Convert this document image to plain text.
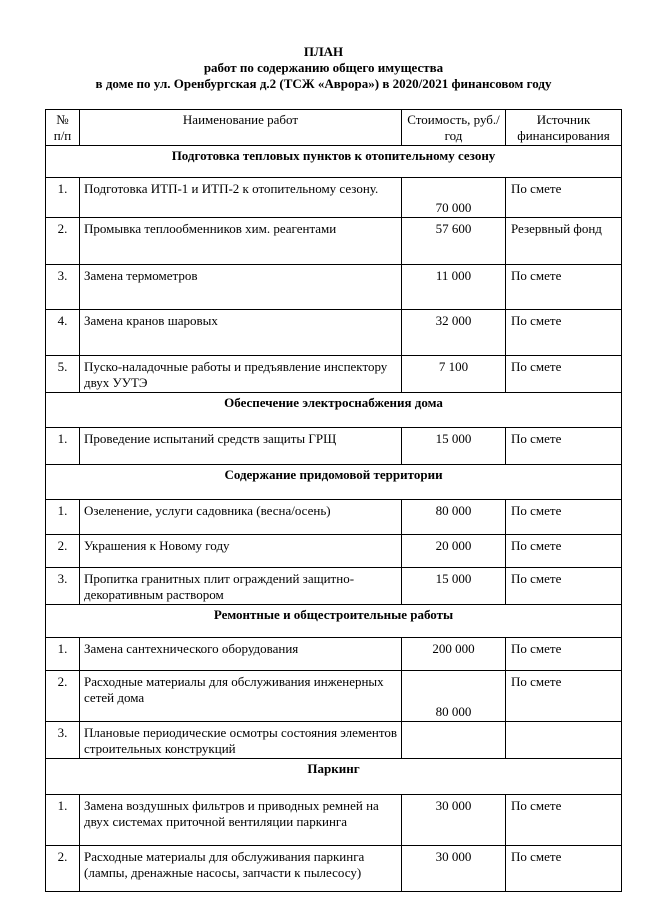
ПЛАН
работ по содержанию общего имущества
в доме по ул. Оренбургская д.2 (ТСЖ «Аврора») в 2020/2021 финансовом году
№ п/п	Наименование работ	Стоимость, руб./год	Источник финансирования
Подготовка тепловых пунктов к отопительному сезону			
1.	Подготовка ИТП-1 и ИТП-2 к отопительному сезону.	70 000	По смете
2.	Промывка теплообменников хим. реагентами	57 600	Резервный фонд
3.	Замена термометров	11 000	По смете
4.	Замена кранов шаровых	32 000	По смете
5.	Пуско-наладочные работы и предъявление инспектору двух УУТЭ	7 100	По смете
Обеспечение электроснабжения дома			
1.	Проведение испытаний средств защиты ГРЩ	15 000	По смете
Содержание придомовой территории			
1.	Озеленение, услуги садовника (весна/осень)	80 000	По смете
2.	Украшения к Новому году	20 000	По смете
3.	Пропитка гранитных плит ограждений защитно-декоративным раствором	15 000	По смете
Ремонтные и общестроительные работы			
1.	Замена сантехнического оборудования	200 000	По смете
2.	Расходные материалы для обслуживания инженерных сетей дома	80 000	По смете
3.	Плановые периодические осмотры состояния элементов строительных конструкций		
Паркинг			
1.	Замена воздушных фильтров и приводных ремней на двух системах приточной вентиляции паркинга	30 000	По смете
2.	Расходные материалы для обслуживания паркинга (лампы, дренажные насосы, запчасти к пылесосу)	30 000	По смете
